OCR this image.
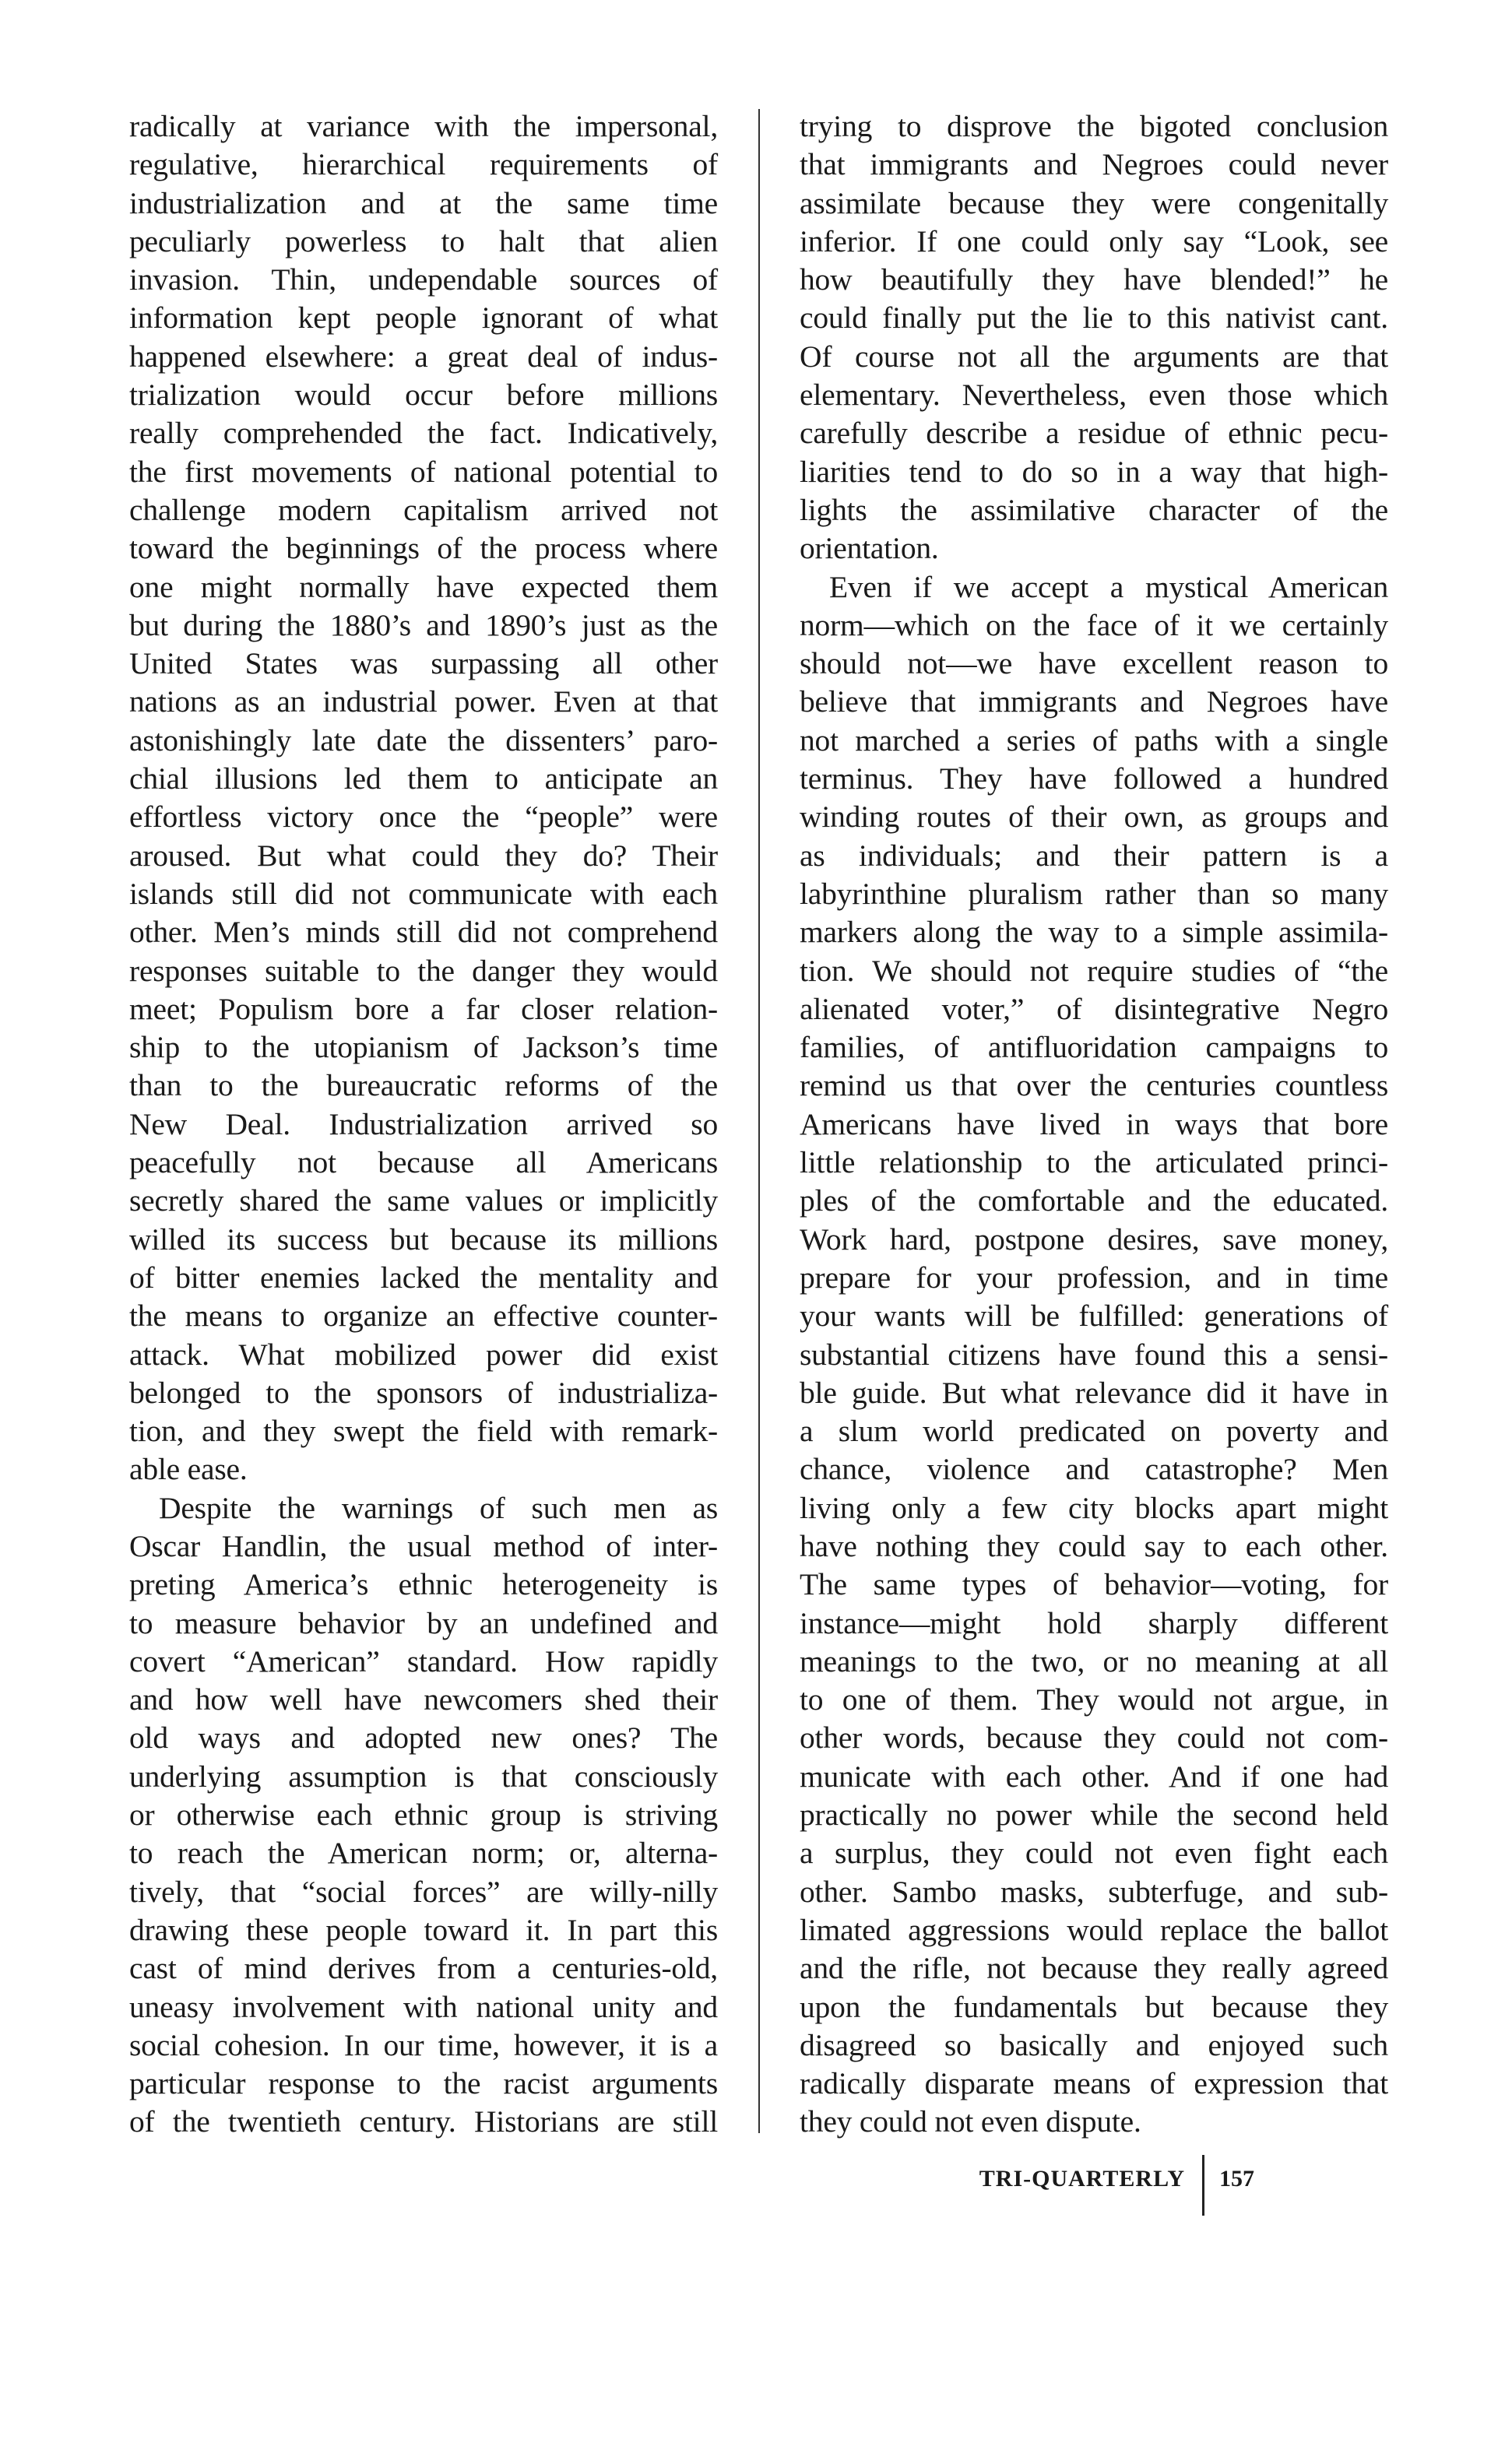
radically at variance with the impersonal,
regulative, hierarchical requirements of
industrialization and at the same time
peculiarly powerless to halt that alien
invasion. Thin, undependable sources of
information kept people ignorant of what
happened elsewhere: a great deal of indus-
trialization would occur before millions
really comprehended the fact. Indicatively,
the first movements of national potential to
challenge modern capitalism arrived not
toward the beginnings of the process where
one might normally have expected them
but during the 1880’s and 1890’s just as the
United States was surpassing all other
nations as an industrial power. Even at that
astonishingly late date the dissenters’ paro-
chial illusions led them to anticipate an
effortless victory once the “people” were
aroused. But what could they do? Their
islands still did not communicate with each
other. Men’s minds still did not comprehend
responses suitable to the danger they would
meet; Populism bore a far closer relation-
ship to the utopianism of Jackson’s time
than to the bureaucratic reforms of the
New Deal. Industrialization arrived so
peacefully not because all Americans
secretly shared the same values or implicitly
willed its success but because its millions
of bitter enemies lacked the mentality and
the means to organize an effective counter-
attack. What mobilized power did exist
belonged to the sponsors of industrializa-
tion, and they swept the field with remark-
able ease.
Despite the warnings of such men as
Oscar Handlin, the usual method of inter-
preting America’s ethnic heterogeneity is
to measure behavior by an undefined and
covert “American” standard. How rapidly
and how well have newcomers shed their
old ways and adopted new ones? The
underlying assumption is that consciously
or otherwise each ethnic group is striving
to reach the American norm; or, alterna-
tively, that “social forces” are willy-nilly
drawing these people toward it. In part this
cast of mind derives from a centuries-old,
uneasy involvement with national unity and
social cohesion. In our time, however, it is a
particular response to the racist arguments
of the twentieth century. Historians are still
trying to disprove the bigoted conclusion
that immigrants and Negroes could never
assimilate because they were congenitally
inferior. If one could only say “Look, see
how beautifully they have blended!” he
could finally put the lie to this nativist cant.
Of course not all the arguments are that
elementary. Nevertheless, even those which
carefully describe a residue of ethnic pecu-
liarities tend to do so in a way that high-
lights the assimilative character of the
orientation.
Even if we accept a mystical American
norm—which on the face of it we certainly
should not—we have excellent reason to
believe that immigrants and Negroes have
not marched a series of paths with a single
terminus. They have followed a hundred
winding routes of their own, as groups and
as individuals; and their pattern is a
labyrinthine pluralism rather than so many
markers along the way to a simple assimila-
tion. We should not require studies of “the
alienated voter,” of disintegrative Negro
families, of antifluoridation campaigns to
remind us that over the centuries countless
Americans have lived in ways that bore
little relationship to the articulated princi-
ples of the comfortable and the educated.
Work hard, postpone desires, save money,
prepare for your profession, and in time
your wants will be fulfilled: generations of
substantial citizens have found this a sensi-
ble guide. But what relevance did it have in
a slum world predicated on poverty and
chance, violence and catastrophe? Men
living only a few city blocks apart might
have nothing they could say to each other.
The same types of behavior—voting, for
instance—might hold sharply different
meanings to the two, or no meaning at all
to one of them. They would not argue, in
other words, because they could not com-
municate with each other. And if one had
practically no power while the second held
a surplus, they could not even fight each
other. Sambo masks, subterfuge, and sub-
limated aggressions would replace the ballot
and the rifle, not because they really agreed
upon the fundamentals but because they
disagreed so basically and enjoyed such
radically disparate means of expression that
they could not even dispute.
TRI-QUARTERLY 157
